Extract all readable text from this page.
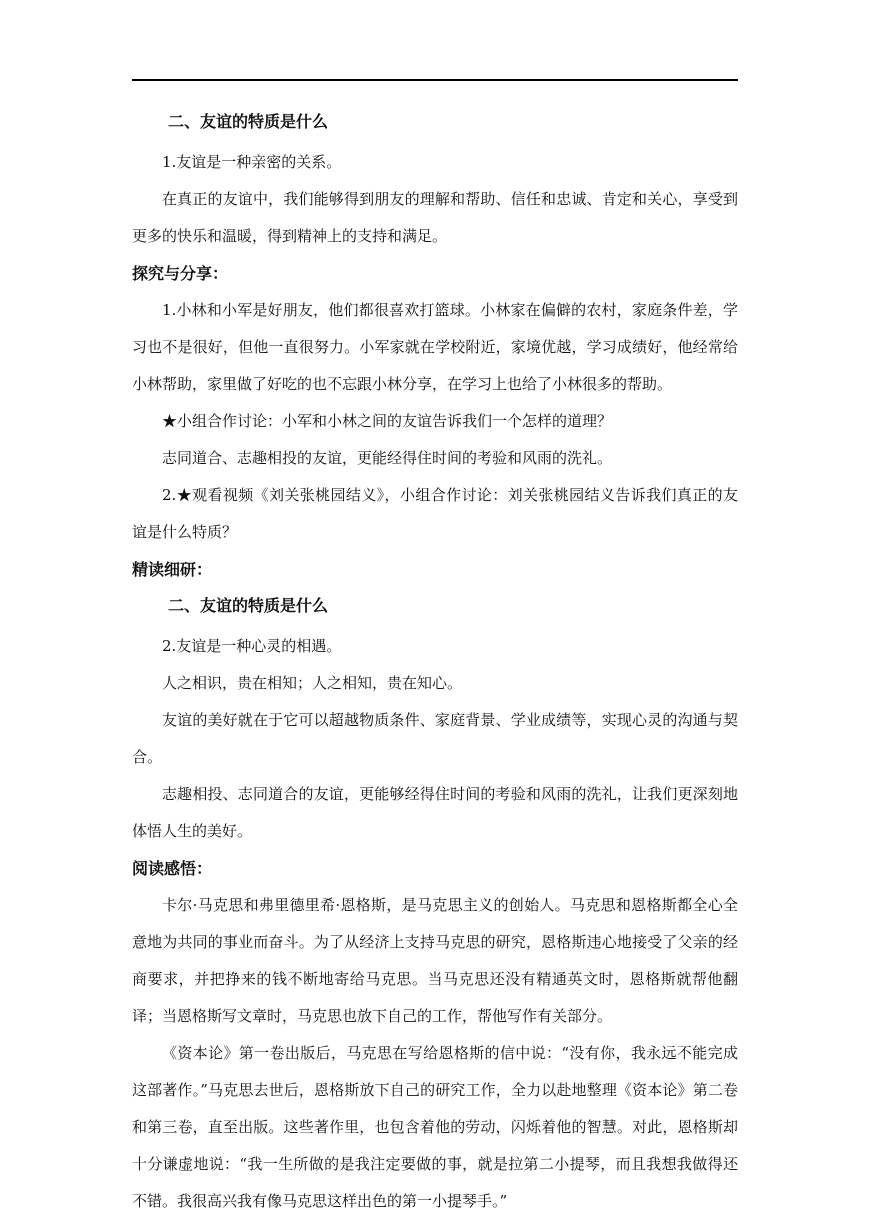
二、友谊的特质是什么

1.友谊是一种亲密的关系。

在真正的友谊中，我们能够得到朋友的理解和帮助、信任和忠诚、肯定和关心，享受到更多的快乐和温暖，得到精神上的支持和满足。

探究与分享：

1.小林和小军是好朋友，他们都很喜欢打篮球。小林家在偏僻的农村，家庭条件差，学习也不是很好，但他一直很努力。小军家就在学校附近，家境优越，学习成绩好，他经常给小林帮助，家里做了好吃的也不忘跟小林分享，在学习上也给了小林很多的帮助。

★小组合作讨论：小军和小林之间的友谊告诉我们一个怎样的道理？

志同道合、志趣相投的友谊，更能经得住时间的考验和风雨的洗礼。

2.★观看视频《刘关张桃园结义》，小组合作讨论：刘关张桃园结义告诉我们真正的友谊是什么特质？

精读细研：
二、友谊的特质是什么

2.友谊是一种心灵的相遇。

人之相识，贵在相知；人之相知，贵在知心。

友谊的美好就在于它可以超越物质条件、家庭背景、学业成绩等，实现心灵的沟通与契合。

志趣相投、志同道合的友谊，更能够经得住时间的考验和风雨的洗礼，让我们更深刻地体悟人生的美好。

阅读感悟：

卡尔·马克思和弗里德里希·恩格斯，是马克思主义的创始人。马克思和恩格斯都全心全意地为共同的事业而奋斗。为了从经济上支持马克思的研究，恩格斯违心地接受了父亲的经商要求，并把挣来的钱不断地寄给马克思。当马克思还没有精通英文时，恩格斯就帮他翻译；当恩格斯写文章时，马克思也放下自己的工作，帮他写作有关部分。

《资本论》第一卷出版后，马克思在写给恩格斯的信中说：“没有你，我永远不能完成这部著作。”马克思去世后，恩格斯放下自己的研究工作，全力以赴地整理《资本论》第二卷和第三卷，直至出版。这些著作里，也包含着他的劳动，闪烁着他的智慧。对此，恩格斯却十分谦虚地说：“我一生所做的是我注定要做的事，就是拉第二小提琴，而且我想我做得还不错。我很高兴我有像马克思这样出色的第一小提琴手。”
